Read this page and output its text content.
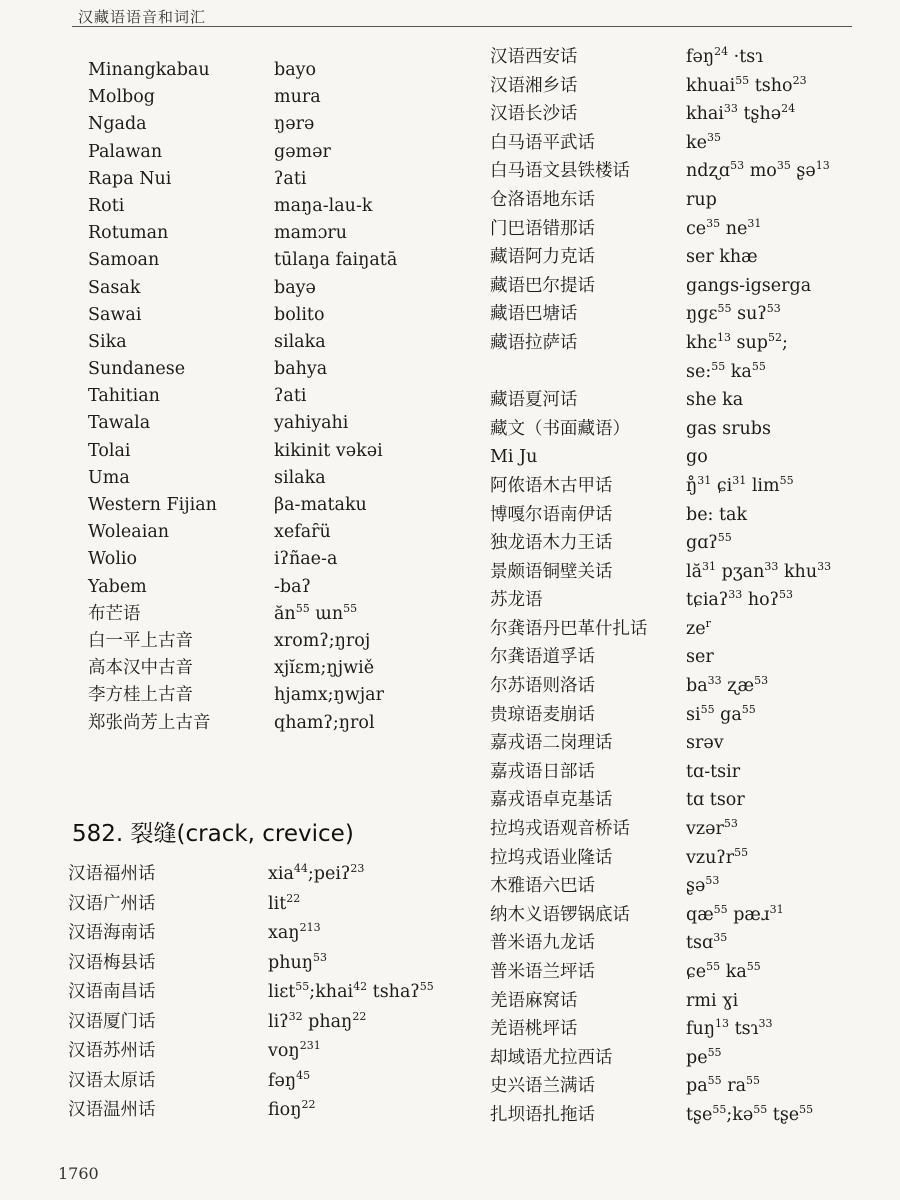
汉藏语语音和词汇
Minangkabau	bayo
Molbog	mura
Ngada	ŋərə
Palawan	gəmər
Rapa Nui	ʔati
Roti	maŋa-lau-k
Rotuman	mamɔru
Samoan	tūlaŋa faiŋatā
Sasak	bayə
Sawai	bolito
Sika	silaka
Sundanese	bahya
Tahitian	ʔati
Tawala	yahiyahi
Tolai	kikinit vəkəi
Uma	silaka
Western Fijian	βa-mataku
Woleaian	xefaȓü
Wolio	iʔñae-a
Yabem	-baʔ
布芒语	$ăn^{55}$ ɯn$^{55}$
白一平上古音	xromʔ;ŋroj
高本汉中古音	xjĭεm;ŋjwiě
李方桂上古音	hjamx;ŋwjar
郑张尚芳上古音	qhamʔ;ŋrol
582. 裂缝(crack, crevice)
汉语福州话	xia$^{44}$;peiʔ$^{23}$
汉语广州话	lit$^{22}$
汉语海南话	xaŋ$^{213}$
汉语梅县话	phuŋ$^{53}$
汉语南昌话	liεt$^{55}$;khai$^{42}$ tshaʔ$^{55}$
汉语厦门话	liʔ$^{32}$ phaŋ$^{22}$
汉语苏州话	voŋ$^{231}$
汉语太原话	fəŋ$^{45}$
汉语温州话	fioŋ$^{22}$
汉语西安话	fəŋ$^{24}$ ·tsɿ
汉语湘乡话	khuai$^{55}$ tsho$^{23}$
汉语长沙话	khai$^{33}$ tʂhə$^{24}$
白马语平武话	$ke^{35}$
白马语文县铁楼话	ndʐɑ$^{53}$ $mo^{35}$ ʂə$^{13}$
仓洛语地东话	rup
门巴语错那话	$ce^{35}$ $ne^{31}$
藏语阿力克话	ser khæ
藏语巴尔提话	gangs-igserga
藏语巴塘话	ŋgε$^{55}$ suʔ$^{53}$
藏语拉萨话	khε$^{13}$ sup$^{52}$;
se:$^{55}$ $ka^{55}$
藏语夏河话	she ka
藏文（书面藏语）	gas srubs
Mi Ju	go
阿侬语木古甲话	ŋ̊$^{31}$ ɕi$^{31}$ $\lim^{55}$
博嘎尔语南伊话	be: tak
独龙语木力王话	gɑʔ$^{55}$
景颇语铜壁关话	$lă^{31}$ pʒan$^{33}$ khu$^{33}$
苏龙语	tɕiaʔ$^{33}$ hoʔ$^{53}$
尔龚语丹巴革什扎话 $ze^r$
尔龚语道孚话	ser
尔苏语则洛话	$ba^{33}$ ʐæ$^{53}$
贵琼语麦崩话	$si^{55}$ $ga^{55}$
嘉戎语二岗理话	srəv
嘉戎语日部话	tɑ-tsir
嘉戎语卓克基话	tɑ tsor
拉坞戎语观音桥话	vzər$^{53}$
拉坞戎语业隆话	vzuʔr$^{55}$
木雅语六巴话	ʂə$^{53}$
纳木义语锣锅底话	$qæ^{55}$ pæɹ$^{31}$
普米语九龙话	tsɑ$^{35}$
普米语兰坪话	ɕe$^{55}$ $ka^{55}$
羌语麻窝话	rmi ɣi
羌语桃坪话	fuŋ$^{13}$ tsɿ$^{33}$
却域语尤拉西话	$pe^{55}$
史兴语兰满话	$pa^{55}$ $ra^{55}$
扎坝语扎拖话	tʂe$^{55}$;kə$^{55}$ tʂe$^{55}$
1760
